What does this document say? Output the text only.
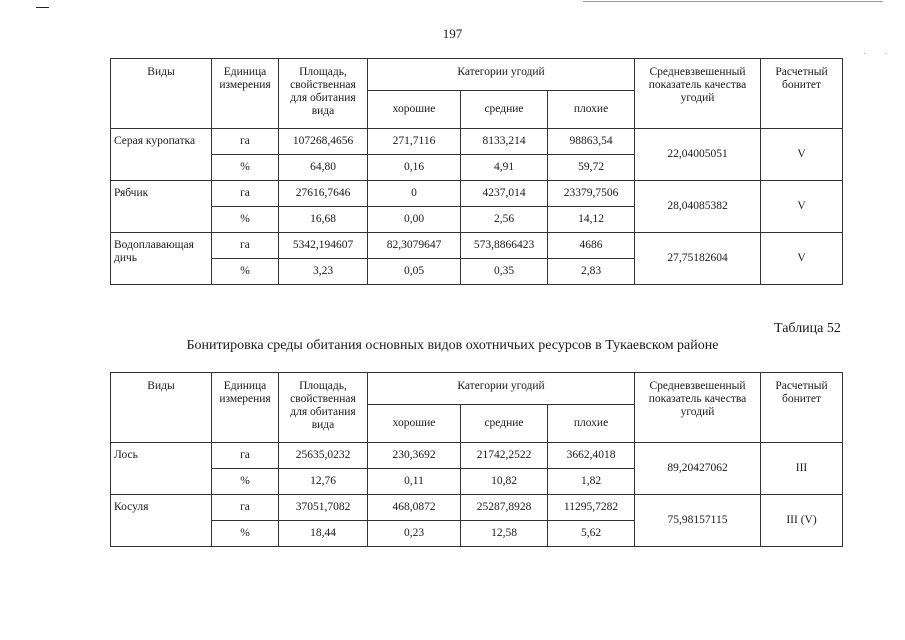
. .
197
Виды	Единица измерения	Площадь, свойственная для обитания вида	Категории угодий			Средневзвешенный показатель качества угодий	Расчетный бонитет
			хорошие	средние	плохие		
Серая куропатка	га	107268,4656	271,7116	8133,214	98863,54	22,04005051	V
	%	64,80	0,16	4,91	59,72		
Рябчик	га	27616,7646	0	4237,014	23379,7506	28,04085382	V
	%	16,68	0,00	2,56	14,12		
Водоплавающая дичь	га	5342,194607	82,3079647	573,8866423	4686	27,75182604	V
	%	3,23	0,05	0,35	2,83		
Таблица 52
Бонитировка среды обитания основных видов охотничьих ресурсов в Тукаевском районе
Виды	Единица измерения	Площадь, свойственная для обитания вида	Категории угодий			Средневзвешенный показатель качества угодий	Расчетный бонитет
			хорошие	средние	плохие		
Лось	га	25635,0232	230,3692	21742,2522	3662,4018	89,20427062	III
	%	12,76	0,11	10,82	1,82		
Косуля	га	37051,7082	468,0872	25287,8928	11295,7282	75,98157115	III (V)
	%	18,44	0,23	12,58	5,62		
